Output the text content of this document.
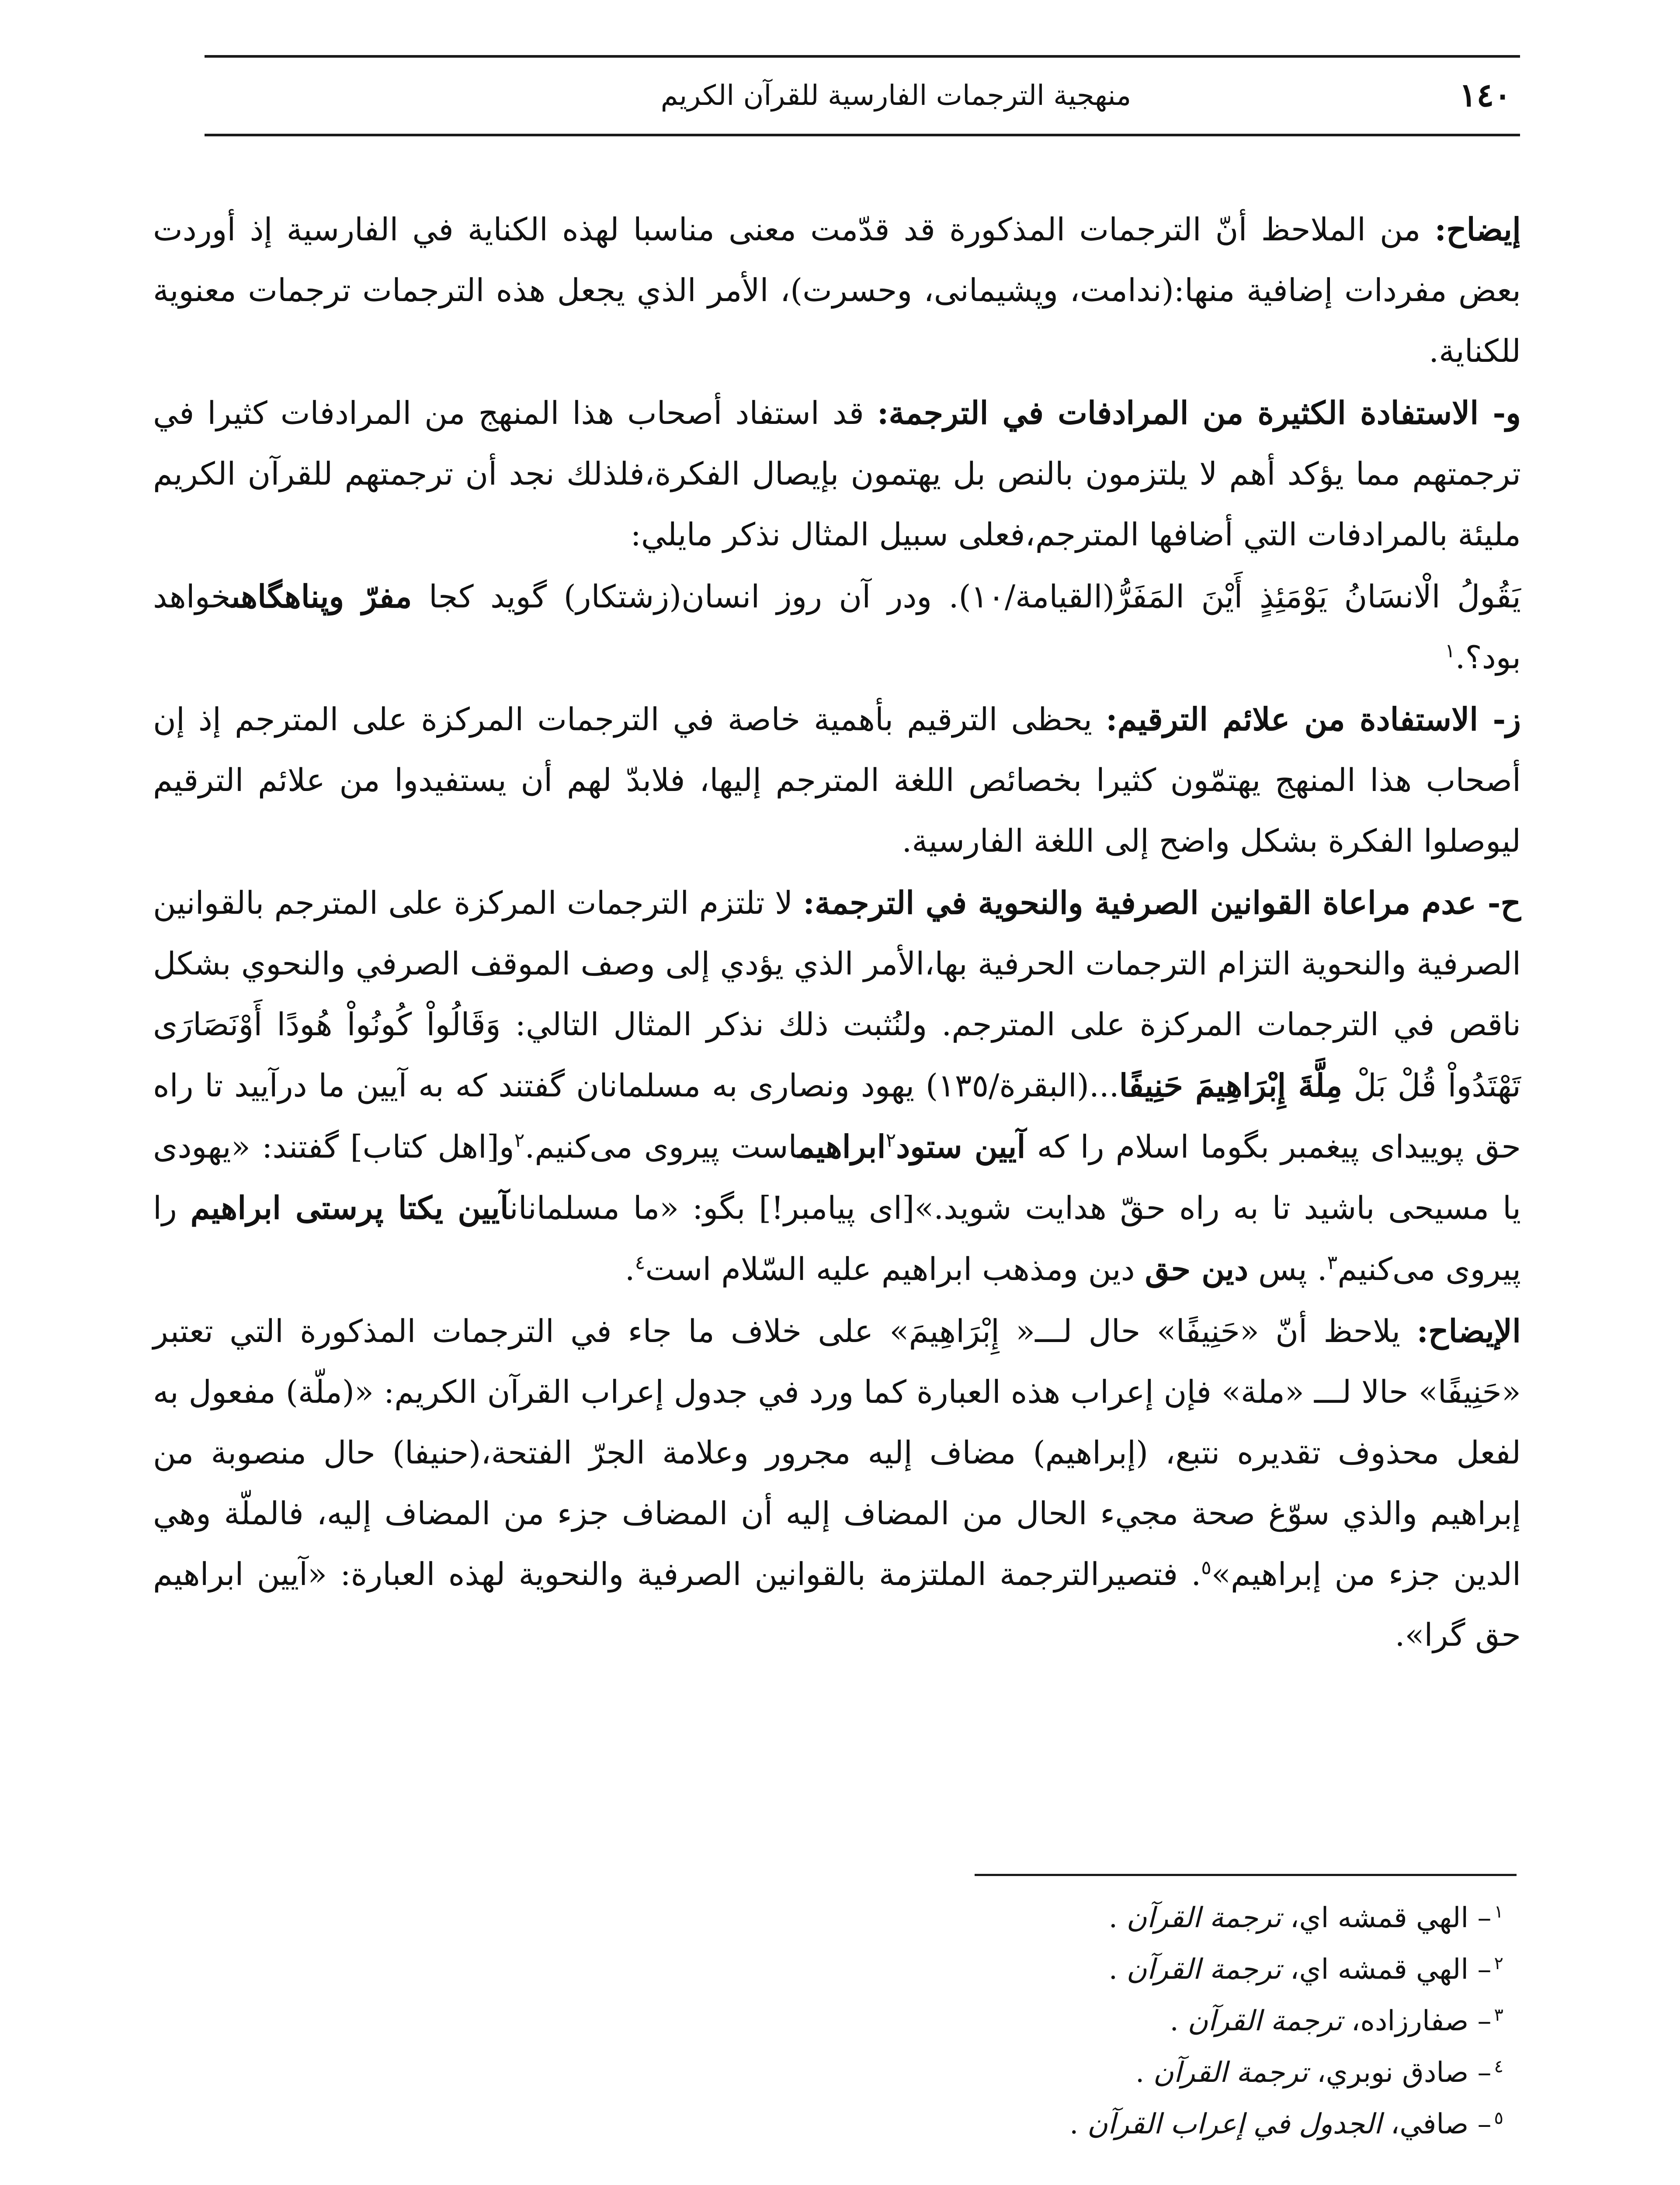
١٤٠
منهجية الترجمات الفارسية للقرآن الكريم

إيضاح: من الملاحظ أنّ الترجمات المذكورة قد قدّمت معنى مناسبا لهذه الكناية في الفارسية إذ أوردت بعض مفردات إضافية منها:(ندامت، وپشيمانى، وحسرت)، الأمر الذي يجعل هذه الترجمات ترجمات معنوية للكناية.

و- الاستفادة الكثيرة من المرادفات في الترجمة: قد استفاد أصحاب هذا المنهج من المرادفات كثيرا في ترجمتهم مما يؤكد أهم لا يلتزمون بالنص بل يهتمون بإيصال الفكرة،فلذلك نجد أن ترجمتهم للقرآن الكريم مليئة بالمرادفات التي أضافها المترجم،فعلى سبيل المثال نذكر مايلي:

يَقُولُ الْانسَانُ يَوْمَئِذٍ أَيْنَ المَفَرُّ(القيامة/١٠). ودر آن روز انسان(زشتكار) گويد كجا مفرّ وپناهگاهىخواهد بود؟.$^١$

ز- الاستفادة من علائم الترقيم: يحظى الترقيم بأهمية خاصة في الترجمات المركزة على المترجم إذ إن أصحاب هذا المنهج يهتمّون كثيرا بخصائص اللغة المترجم إليها، فلابدّ لهم أن يستفيدوا من علائم الترقيم ليوصلوا الفكرة بشكل واضح إلى اللغة الفارسية.

ح- عدم مراعاة القوانين الصرفية والنحوية في الترجمة: لا تلتزم الترجمات المركزة على المترجم بالقوانين الصرفية والنحوية التزام الترجمات الحرفية بها،الأمر الذي يؤدي إلى وصف الموقف الصرفي والنحوي بشكل ناقص في الترجمات المركزة على المترجم. ولنُثبت ذلك نذكر المثال التالي: وَقَالُواْ كُونُواْ هُودًا أَوْنَصَارَى تَهْتَدُواْ قُلْ بَلْ مِلَّةَ إِبْرَاهِيمَ حَنِيفًا...(البقرة/١٣٥) يهود ونصارى به مسلمانان گفتند كه به آيين ما درآييد تا راه حق پوييداى پيغمبر بگوما اسلام را كه آيين ستود$^٢$ابراهيماست پيروى مى‌كنيم.$^٢$و[اهل كتاب] گفتند: «يهودى يا مسيحى باشيد تا به راه حقّ هدايت شويد.»[اى پيامبر!] بگو: «ما مسلمانانآيين يكتا پرستى ابراهيم را پيروى مى‌كنيم$^٣$. پس دين حق دين ومذهب ابراهيم عليه السّلام است$^٤$.

الإيضاح: يلاحظ أنّ «حَنِيفًا» حال لـــ« إِبْرَاهِيمَ» على خلاف ما جاء في الترجمات المذكورة التي تعتبر «حَنِيفًا» حالا لـــ «ملة» فإن إعراب هذه العبارة كما ورد في جدول إعراب القرآن الكريم: «(ملّة) مفعول به لفعل محذوف تقديره نتبع، (إبراهيم) مضاف إليه مجرور وعلامة الجرّ الفتحة،(حنيفا) حال منصوبة من إبراهيم والذي سوّغ صحة مجيء الحال من المضاف إليه أن المضاف جزء من المضاف إليه، فالملّة وهي الدين جزء من إبراهيم»$^٥$. فتصيرالترجمة الملتزمة بالقوانين الصرفية والنحوية لهذه العبارة: «آيين ابراهيم حق گرا».

$^١$– الهي قمشه اي، ترجمة القرآن .
$^٢$– الهي قمشه اي، ترجمة القرآن .
$^٣$– صفارزاده، ترجمة القرآن .
$^٤$– صادق نوبري، ترجمة القرآن .
$^٥$– صافي، الجدول في إعراب القرآن .
